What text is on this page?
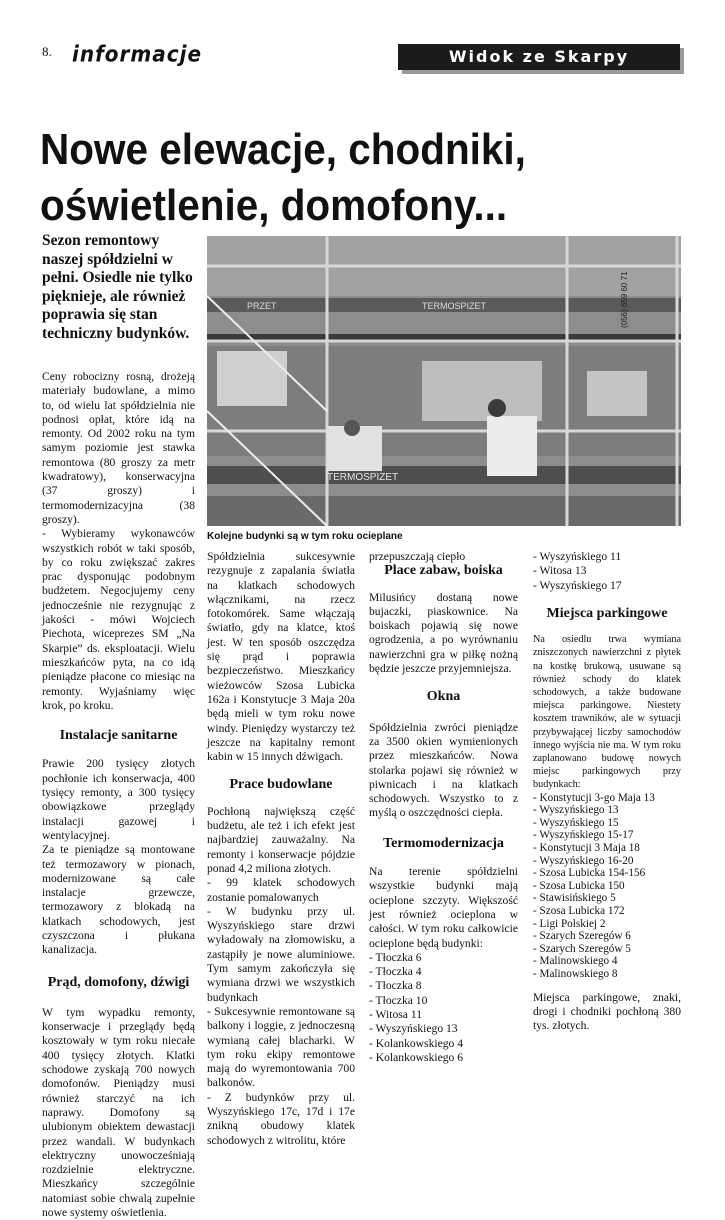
8. informacje	Widok ze Skarpy
Nowe elewacje, chodniki,
oświetlenie, domofony...
Sezon remontowy naszej spółdzielni w pełni. Osiedle nie tylko pięknieje, ale również poprawia się stan techniczny budynków.
PRZET	TERMOSPIZET	(056) 659 60 71
TERMOSPIZET
Kolejne budynki są w tym roku ocieplane

Ceny robocizny rosną, drożeją materiały budowlane, a mimo to, od wielu lat spółdzielnia nie podnosi opłat, które idą na remonty. Od 2002 roku na tym samym poziomie jest stawka remontowa (80 groszy za metr kwadratowy), konserwacyjna (37 groszy) i termomodernizacyjna (38 groszy).

- Wybieramy wykonawców wszystkich robót w taki sposób, by co roku zwiększać zakres prac dysponując podobnym budżetem. Negocjujemy ceny jednocześnie nie rezygnując z jakości - mówi Wojciech Piechota, wiceprezes SM „Na Skarpie” ds. eksploatacji. Wielu mieszkańców pyta, na co idą pieniądze płacone co miesiąc na remonty. Wyjaśniamy więc krok, po kroku.

Instalacje sanitarne

Prawie 200 tysięcy złotych pochłonie ich konserwacja, 400 tysięcy remonty, a 300 tysięcy obowiązkowe przeglądy instalacji gazowej i wentylacyjnej.

Za te pieniądze są montowane też termozawory w pionach, modernizowane są całe instalacje grzewcze, termozawory z blokadą na klatkach schodowych, jest czyszczona i płukana kanalizacja.

Prąd, domofony, dźwigi

W tym wypadku remonty, konserwacje i przeglądy będą kosztowały w tym roku niecałe 400 tysięcy złotych. Klatki schodowe zyskają 700 nowych domofonów. Pieniądzy musi również starczyć na ich naprawy. Domofony są ulubionym obiektem dewastacji przez wandali. W budynkach elektryczny unowocześniają rozdzielnie elektryczne. Mieszkańcy szczególnie natomiast sobie chwalą zupełnie nowe systemy oświetlenia.

Spółdzielnia sukcesywnie rezygnuje z zapalania światła na klatkach schodowych włącznikami, na rzecz fotokomórek. Same włączają światło, gdy na klatce, ktoś jest. W ten sposób oszczędza się prąd i poprawia bezpieczeństwo. Mieszkańcy wieżowców Szosa Lubicka 162a i Konstytucje 3 Maja 20a będą mieli w tym roku nowe windy. Pieniędzy wystarczy też jeszcze na kapitalny remont kabin w 15 innych dźwigach.

Prace budowlane

Pochłoną największą część budżetu, ale też i ich efekt jest najbardziej zauważalny. Na remonty i konserwacje pójdzie ponad 4,2 miliona złotych.

- 99 klatek schodowych zostanie pomalowanych

- W budynku przy ul. Wyszyńskiego stare drzwi wyładowały na złomowisku, a zastąpiły je nowe aluminiowe. Tym samym zakończyła się wymiana drzwi we wszystkich budynkach

- Sukcesywnie remontowane są balkony i loggie, z jednoczesną wymianą całej blacharki. W tym roku ekipy remontowe mają do wyremontowania 700 balkonów.

- Z budynków przy ul. Wyszyńskiego 17c, 17d i 17e znikną obudowy klatek schodowych z witrolitu, które

przepuszczają ciepło

Place zabaw, boiska

Milusińcy dostaną nowe bujaczki, piaskownice. Na boiskach pojawią się nowe ogrodzenia, a po wyrównaniu nawierzchni gra w piłkę nożną będzie jeszcze przyjemniejsza.

Okna

Spółdzielnia zwróci pieniądze za 3500 okien wymienionych przez mieszkańców. Nowa stolarka pojawi się również w piwnicach i na klatkach schodowych. Wszystko to z myślą o oszczędności ciepła.

Termomodernizacja

Na terenie spółdzielni wszystkie budynki mają ocieplone szczyty. Większość jest również ocieplona w całości. W tym roku całkowicie ocieplone będą budynki:

- Tłoczka 6
- Tłoczka 4
- Tłoczka 8
- Tłoczka 10
- Witosa 11
- Wyszyńskiego 13
- Kolankowskiego 4
- Kolankowskiego 6
- Wyszyńskiego 11
- Witosa 13
- Wyszyńskiego 17
Miejsca parkingowe

Na osiedlu trwa wymiana zniszczonych nawierzchni z płytek na kostkę brukową, usuwane są również schody do klatek schodowych, a także budowane miejsca parkingowe. Niestety kosztem trawników, ale w sytuacji przybywającej liczby samochodów innego wyjścia nie ma. W tym roku zaplanowano budowę nowych miejsc parkingowych przy budynkach:

- Konstytucji 3-go Maja 13
- Wyszyńskiego 13
- Wyszyńskiego 15
- Wyszyńskiego 15-17
- Konstytucji 3 Maja 18
- Wyszyńskiego 16-20
- Szosa Lubicka 154-156
- Szosa Lubicka 150
- Stawisińskiego 5
- Szosa Lubicka 172
- Ligi Polskiej 2
- Szarych Szeregów 6
- Szarych Szeregów 5
- Malinowskiego 4
- Malinowskiego 8

Miejsca parkingowe, znaki, drogi i chodniki pochłoną 380 tys. złotych.
